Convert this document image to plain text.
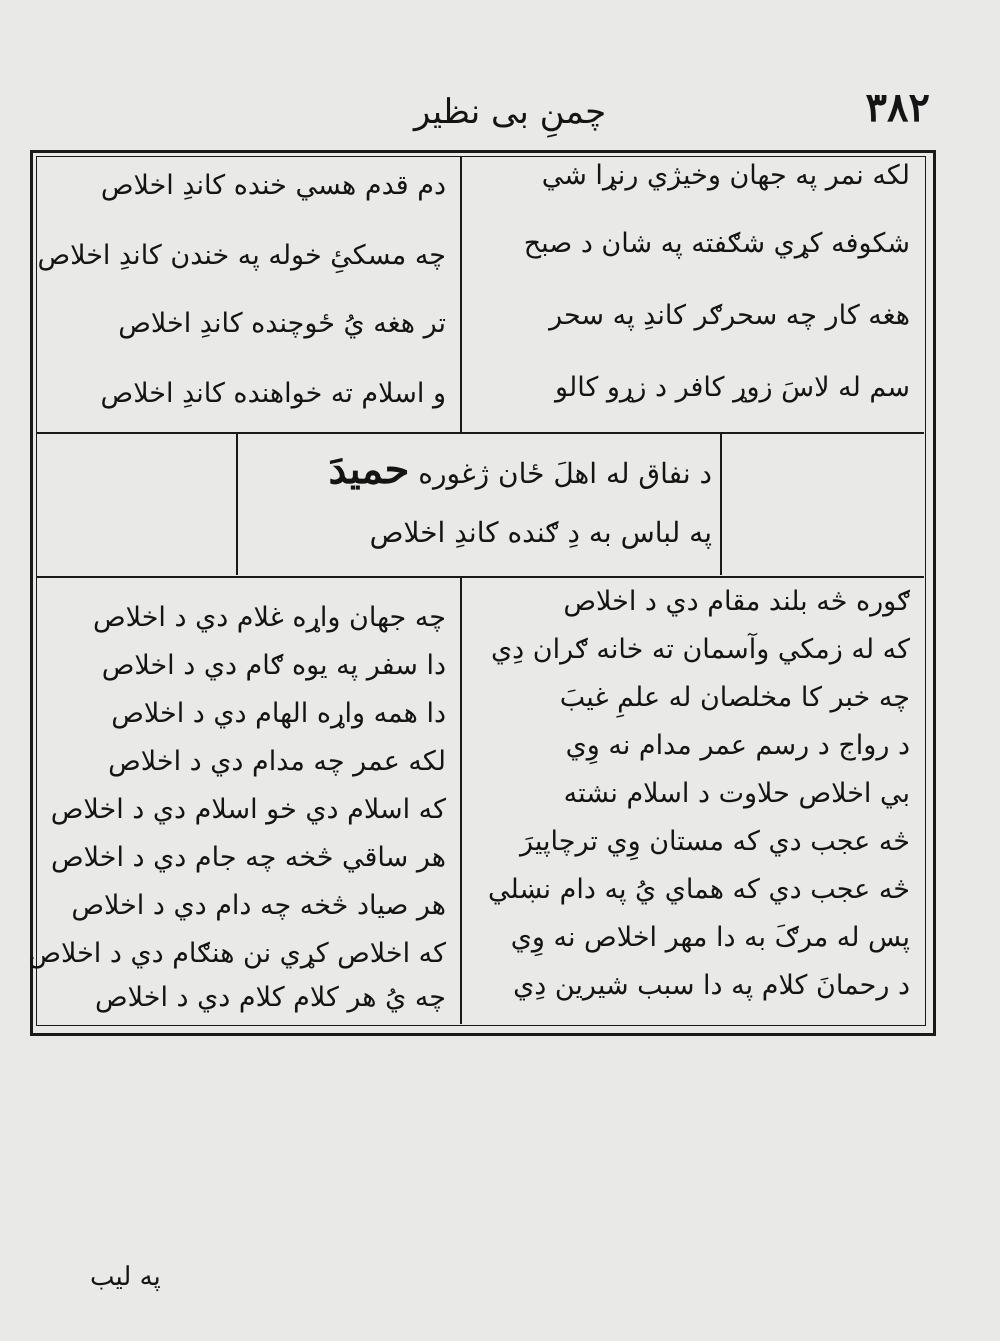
چمنِ بی نظیر	۳۸۲
لکه نمر په جهان وخیژي رنړا شي
شکوفه کړي شګفته په شان د صبح
هغه کار چه سحرګر کاندِ په سحر
سم له لاسَ زوړ کافر د زړو کالو
دم قدم هسي خنده کاندِ اخلاص
چه مسکئِ خوله په خندن کاندِ اخلاص
تر هغه يُ ځوچنده کاندِ اخلاص
و اسلام ته خواهنده کاندِ اخلاص
د نفاق له اهلَ ځان ژغوره حمیدَ
په لباس به دِ ګنده کاندِ اخلاص
ګوره څه بلند مقام دي د اخلاص
که له زمکي وآسمان ته خانه ګران دِي
چه خبر کا مخلصان له علمِ غیبَ
د رواج د رسم عمر مدام نه وِي
بي اخلاص حلاوت د اسلام نشته
څه عجب دي که مستان وِي ترچاپیرَ
څه عجب دي که هماي يُ په دام نښلي
پس له مرګَ به دا مهر اخلاص نه وِي
د رحمانَ کلام په دا سبب شیرین دِي
چه جهان واړه غلام دي د اخلاص
دا سفر په يوه ګام دي د اخلاص
دا همه واړه الهام دي د اخلاص
لکه عمر چه مدام دي د اخلاص
که اسلام دي خو اسلام دي د اخلاص
هر ساقي څخه چه جام دي د اخلاص
هر صیاد څخه چه دام دي د اخلاص
که اخلاص کړي نن هنګام دي د اخلاص
چه يُ هر کلام کلام دي د اخلاص
په لیب
